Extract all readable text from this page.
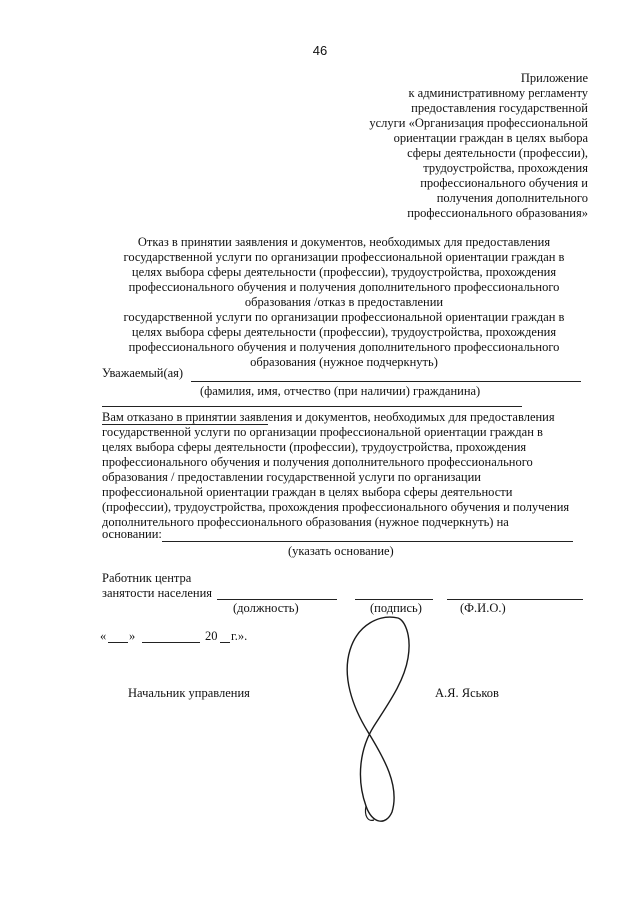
46
Приложение
к административному регламенту
предоставления государственной
услуги «Организация профессиональной
ориентации граждан в целях выбора
сферы деятельности (профессии),
трудоустройства, прохождения
профессионального обучения и
получения дополнительного
профессионального образования»
Отказ в принятии заявления и документов, необходимых для предоставления
государственной услуги по организации профессиональной ориентации граждан в
целях выбора сферы деятельности (профессии), трудоустройства, прохождения
профессионального обучения и получения дополнительного профессионального
образования /отказ в предоставлении
государственной услуги по организации профессиональной ориентации граждан в
целях выбора сферы деятельности (профессии), трудоустройства, прохождения
профессионального обучения и получения дополнительного профессионального
образования (нужное подчеркнуть)
Уважаемый(ая)
(фамилия, имя, отчество (при наличии) гражданина)
Вам отказано в принятии заявления и документов, необходимых для предоставления
государственной услуги по организации профессиональной ориентации граждан в
целях выбора сферы деятельности (профессии), трудоустройства, прохождения
профессионального обучения и получения дополнительного профессионального
образования / предоставлении государственной услуги по организации
профессиональной ориентации граждан в целях выбора сферы деятельности
(профессии), трудоустройства, прохождения профессионального обучения и получения
дополнительного профессионального образования (нужное подчеркнуть) на
основании:
(указать основание)
Работник центра
занятости населения
(должность)	(подпись)	(Ф.И.О.)
« »	20 г.».
Начальник управления	А.Я. Яськов
